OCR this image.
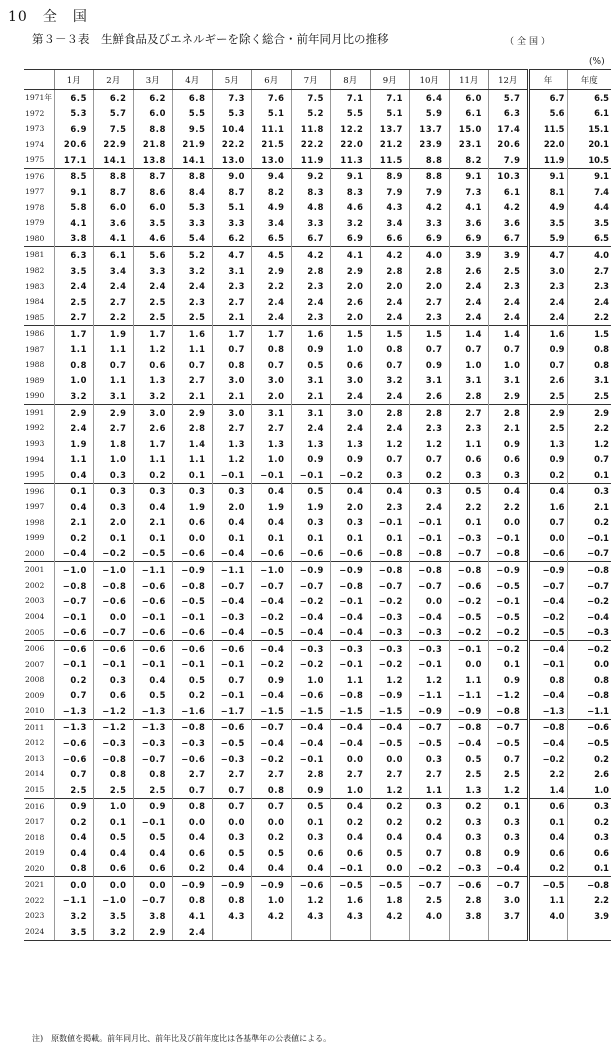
10　全　国
第３－３表　生鮮食品及びエネルギーを除く総合・前年同月比の推移	（全国）
(%)
	1月	2月	3月	4月	5月	6月	7月	8月	9月	10月	11月	12月	年	年度
1971年	6.5	6.2	6.2	6.8	7.3	7.6	7.5	7.1	7.1	6.4	6.0	5.7	6.7	6.5
1972	5.3	5.7	6.0	5.5	5.3	5.1	5.2	5.5	5.1	5.9	6.1	6.3	5.6	6.1
1973	6.9	7.5	8.8	9.5	10.4	11.1	11.8	12.2	13.7	13.7	15.0	17.4	11.5	15.1
1974	20.6	22.9	21.8	21.9	22.2	21.5	22.2	22.0	21.2	23.9	23.1	20.6	22.0	20.1
1975	17.1	14.1	13.8	14.1	13.0	13.0	11.9	11.3	11.5	8.8	8.2	7.9	11.9	10.5
1976	8.5	8.8	8.7	8.8	9.0	9.4	9.2	9.1	8.9	8.8	9.1	10.3	9.1	9.1
1977	9.1	8.7	8.6	8.4	8.7	8.2	8.3	8.3	7.9	7.9	7.3	6.1	8.1	7.4
1978	5.8	6.0	6.0	5.3	5.1	4.9	4.8	4.6	4.3	4.2	4.1	4.2	4.9	4.4
1979	4.1	3.6	3.5	3.3	3.3	3.4	3.3	3.2	3.4	3.3	3.6	3.6	3.5	3.5
1980	3.8	4.1	4.6	5.4	6.2	6.5	6.7	6.9	6.6	6.9	6.9	6.7	5.9	6.5
1981	6.3	6.1	5.6	5.2	4.7	4.5	4.2	4.1	4.2	4.0	3.9	3.9	4.7	4.0
1982	3.5	3.4	3.3	3.2	3.1	2.9	2.8	2.9	2.8	2.8	2.6	2.5	3.0	2.7
1983	2.4	2.4	2.4	2.4	2.3	2.2	2.3	2.0	2.0	2.0	2.4	2.3	2.3	2.3
1984	2.5	2.7	2.5	2.3	2.7	2.4	2.4	2.6	2.4	2.7	2.4	2.4	2.4	2.4
1985	2.7	2.2	2.5	2.5	2.1	2.4	2.3	2.0	2.4	2.3	2.4	2.4	2.4	2.2
1986	1.7	1.9	1.7	1.6	1.7	1.7	1.6	1.5	1.5	1.5	1.4	1.4	1.6	1.5
1987	1.1	1.1	1.2	1.1	0.7	0.8	0.9	1.0	0.8	0.7	0.7	0.7	0.9	0.8
1988	0.8	0.7	0.6	0.7	0.8	0.7	0.5	0.6	0.7	0.9	1.0	1.0	0.7	0.8
1989	1.0	1.1	1.3	2.7	3.0	3.0	3.1	3.0	3.2	3.1	3.1	3.1	2.6	3.1
1990	3.2	3.1	3.2	2.1	2.1	2.0	2.1	2.4	2.4	2.6	2.8	2.9	2.5	2.5
1991	2.9	2.9	3.0	2.9	3.0	3.1	3.1	3.0	2.8	2.8	2.7	2.8	2.9	2.9
1992	2.4	2.7	2.6	2.8	2.7	2.7	2.4	2.4	2.4	2.3	2.3	2.1	2.5	2.2
1993	1.9	1.8	1.7	1.4	1.3	1.3	1.3	1.3	1.2	1.2	1.1	0.9	1.3	1.2
1994	1.1	1.0	1.1	1.1	1.2	1.0	0.9	0.9	0.7	0.7	0.6	0.6	0.9	0.7
1995	0.4	0.3	0.2	0.1	−0.1	−0.1	−0.1	−0.2	0.3	0.2	0.3	0.3	0.2	0.1
1996	0.1	0.3	0.3	0.3	0.3	0.4	0.5	0.4	0.4	0.3	0.5	0.4	0.4	0.3
1997	0.4	0.3	0.4	1.9	2.0	1.9	1.9	2.0	2.3	2.4	2.2	2.2	1.6	2.1
1998	2.1	2.0	2.1	0.6	0.4	0.4	0.3	0.3	−0.1	−0.1	0.1	0.0	0.7	0.2
1999	0.2	0.1	0.1	0.0	0.1	0.1	0.1	0.1	0.1	−0.1	−0.3	−0.1	0.0	−0.1
2000	−0.4	−0.2	−0.5	−0.6	−0.4	−0.6	−0.6	−0.6	−0.8	−0.8	−0.7	−0.8	−0.6	−0.7
2001	−1.0	−1.0	−1.1	−0.9	−1.1	−1.0	−0.9	−0.9	−0.8	−0.8	−0.8	−0.9	−0.9	−0.8
2002	−0.8	−0.8	−0.6	−0.8	−0.7	−0.7	−0.7	−0.8	−0.7	−0.7	−0.6	−0.5	−0.7	−0.7
2003	−0.7	−0.6	−0.6	−0.5	−0.4	−0.4	−0.2	−0.1	−0.2	0.0	−0.2	−0.1	−0.4	−0.2
2004	−0.1	0.0	−0.1	−0.1	−0.3	−0.2	−0.4	−0.4	−0.3	−0.4	−0.5	−0.5	−0.2	−0.4
2005	−0.6	−0.7	−0.6	−0.6	−0.4	−0.5	−0.4	−0.4	−0.3	−0.3	−0.2	−0.2	−0.5	−0.3
2006	−0.6	−0.6	−0.6	−0.6	−0.6	−0.4	−0.3	−0.3	−0.3	−0.3	−0.1	−0.2	−0.4	−0.2
2007	−0.1	−0.1	−0.1	−0.1	−0.1	−0.2	−0.2	−0.1	−0.2	−0.1	0.0	0.1	−0.1	0.0
2008	0.2	0.3	0.4	0.5	0.7	0.9	1.0	1.1	1.2	1.2	1.1	0.9	0.8	0.8
2009	0.7	0.6	0.5	0.2	−0.1	−0.4	−0.6	−0.8	−0.9	−1.1	−1.1	−1.2	−0.4	−0.8
2010	−1.3	−1.2	−1.3	−1.6	−1.7	−1.5	−1.5	−1.5	−1.5	−0.9	−0.9	−0.8	−1.3	−1.1
2011	−1.3	−1.2	−1.3	−0.8	−0.6	−0.7	−0.4	−0.4	−0.4	−0.7	−0.8	−0.7	−0.8	−0.6
2012	−0.6	−0.3	−0.3	−0.3	−0.5	−0.4	−0.4	−0.4	−0.5	−0.5	−0.4	−0.5	−0.4	−0.5
2013	−0.6	−0.8	−0.7	−0.6	−0.3	−0.2	−0.1	0.0	0.0	0.3	0.5	0.7	−0.2	0.2
2014	0.7	0.8	0.8	2.7	2.7	2.7	2.8	2.7	2.7	2.7	2.5	2.5	2.2	2.6
2015	2.5	2.5	2.5	0.7	0.7	0.8	0.9	1.0	1.2	1.1	1.3	1.2	1.4	1.0
2016	0.9	1.0	0.9	0.8	0.7	0.7	0.5	0.4	0.2	0.3	0.2	0.1	0.6	0.3
2017	0.2	0.1	−0.1	0.0	0.0	0.0	0.1	0.2	0.2	0.2	0.3	0.3	0.1	0.2
2018	0.4	0.5	0.5	0.4	0.3	0.2	0.3	0.4	0.4	0.4	0.3	0.3	0.4	0.3
2019	0.4	0.4	0.4	0.6	0.5	0.5	0.6	0.6	0.5	0.7	0.8	0.9	0.6	0.6
2020	0.8	0.6	0.6	0.2	0.4	0.4	0.4	−0.1	0.0	−0.2	−0.3	−0.4	0.2	0.1
2021	0.0	0.0	0.0	−0.9	−0.9	−0.9	−0.6	−0.5	−0.5	−0.7	−0.6	−0.7	−0.5	−0.8
2022	−1.1	−1.0	−0.7	0.8	0.8	1.0	1.2	1.6	1.8	2.5	2.8	3.0	1.1	2.2
2023	3.2	3.5	3.8	4.1	4.3	4.2	4.3	4.3	4.2	4.0	3.8	3.7	4.0	3.9
2024	3.5	3.2	2.9	2.4										
注)　原数値を掲載。前年同月比、前年比及び前年度比は各基準年の公表値による。
